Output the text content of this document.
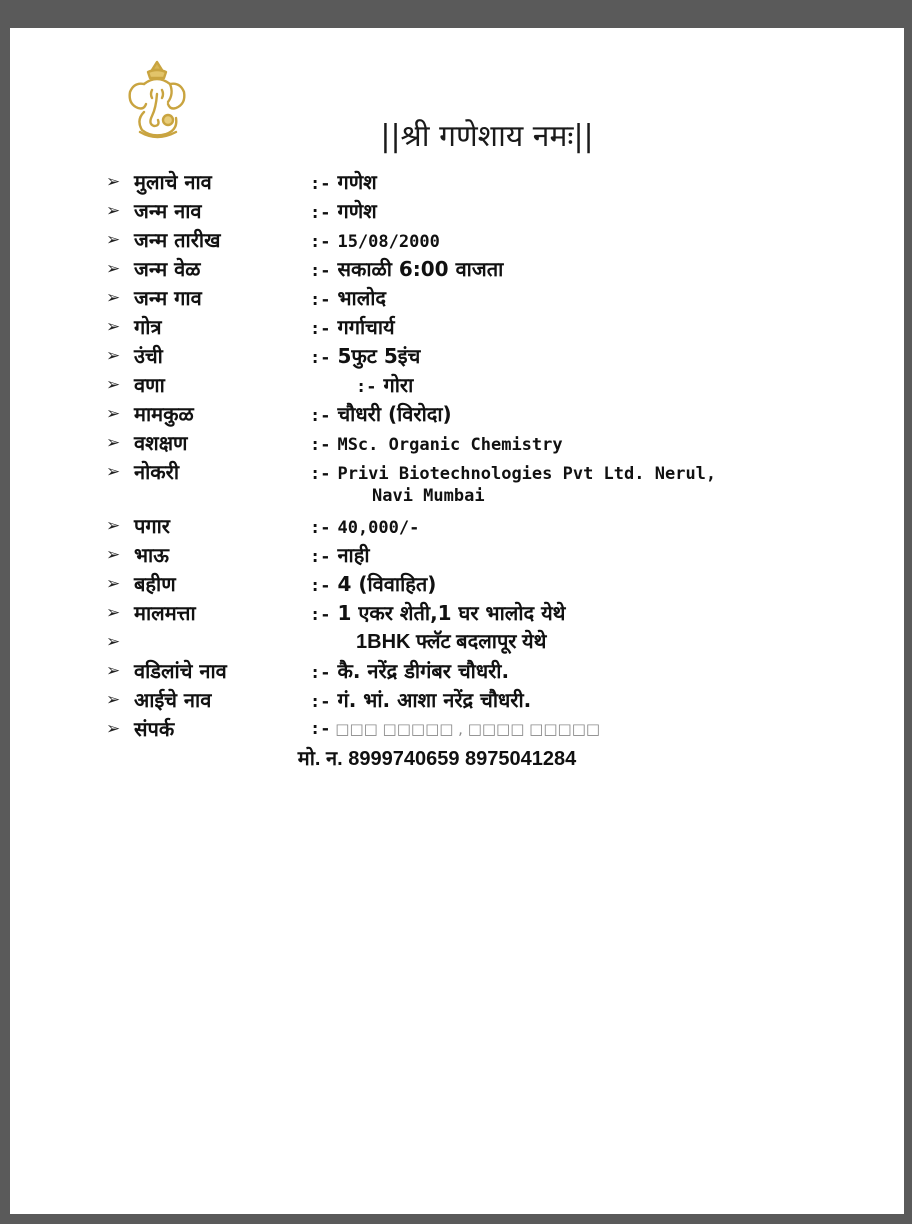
||श्री गणेशाय नमः||
➢ मुलाचे नाव	:- गणेश
➢ जन्म नाव	:- गणेश
➢ जन्म तारीख	:- 15/08/2000
➢ जन्म वेळ	:- सकाळी 6:00 वाजता
➢ जन्म गाव	:- भालोद
➢ गोत्र	:- गर्गाचार्य
➢ उंची	:- 5फुट 5इंच
➢ वणा	:- गोरा
➢ मामकुळ	:- चौधरी (विरोदा)
➢ वशक्षण	:- MSc. Organic Chemistry
➢ नोकरी	:- Privi Biotechnologies Pvt Ltd. Nerul,
Navi Mumbai
➢ पगार	:- 40,000/-
➢ भाऊ	:- नाही
➢ बहीण	:- 4 (विवाहित)
➢ मालमत्ता	:- 1 एकर शेती,1 घर भालोद येथे
➢	1BHK फ्लॅट बदलापूर येथे
➢ वडिलांचे नाव	:- कै. नरेंद्र डीगंबर चौधरी.
➢ आईचे नाव	:- गं. भां. आशा नरेंद्र चौधरी.
➢ संपर्क	:- □□□ □□□□□ , □□□□ □□□□□
मो. न. 8999740659 8975041284
